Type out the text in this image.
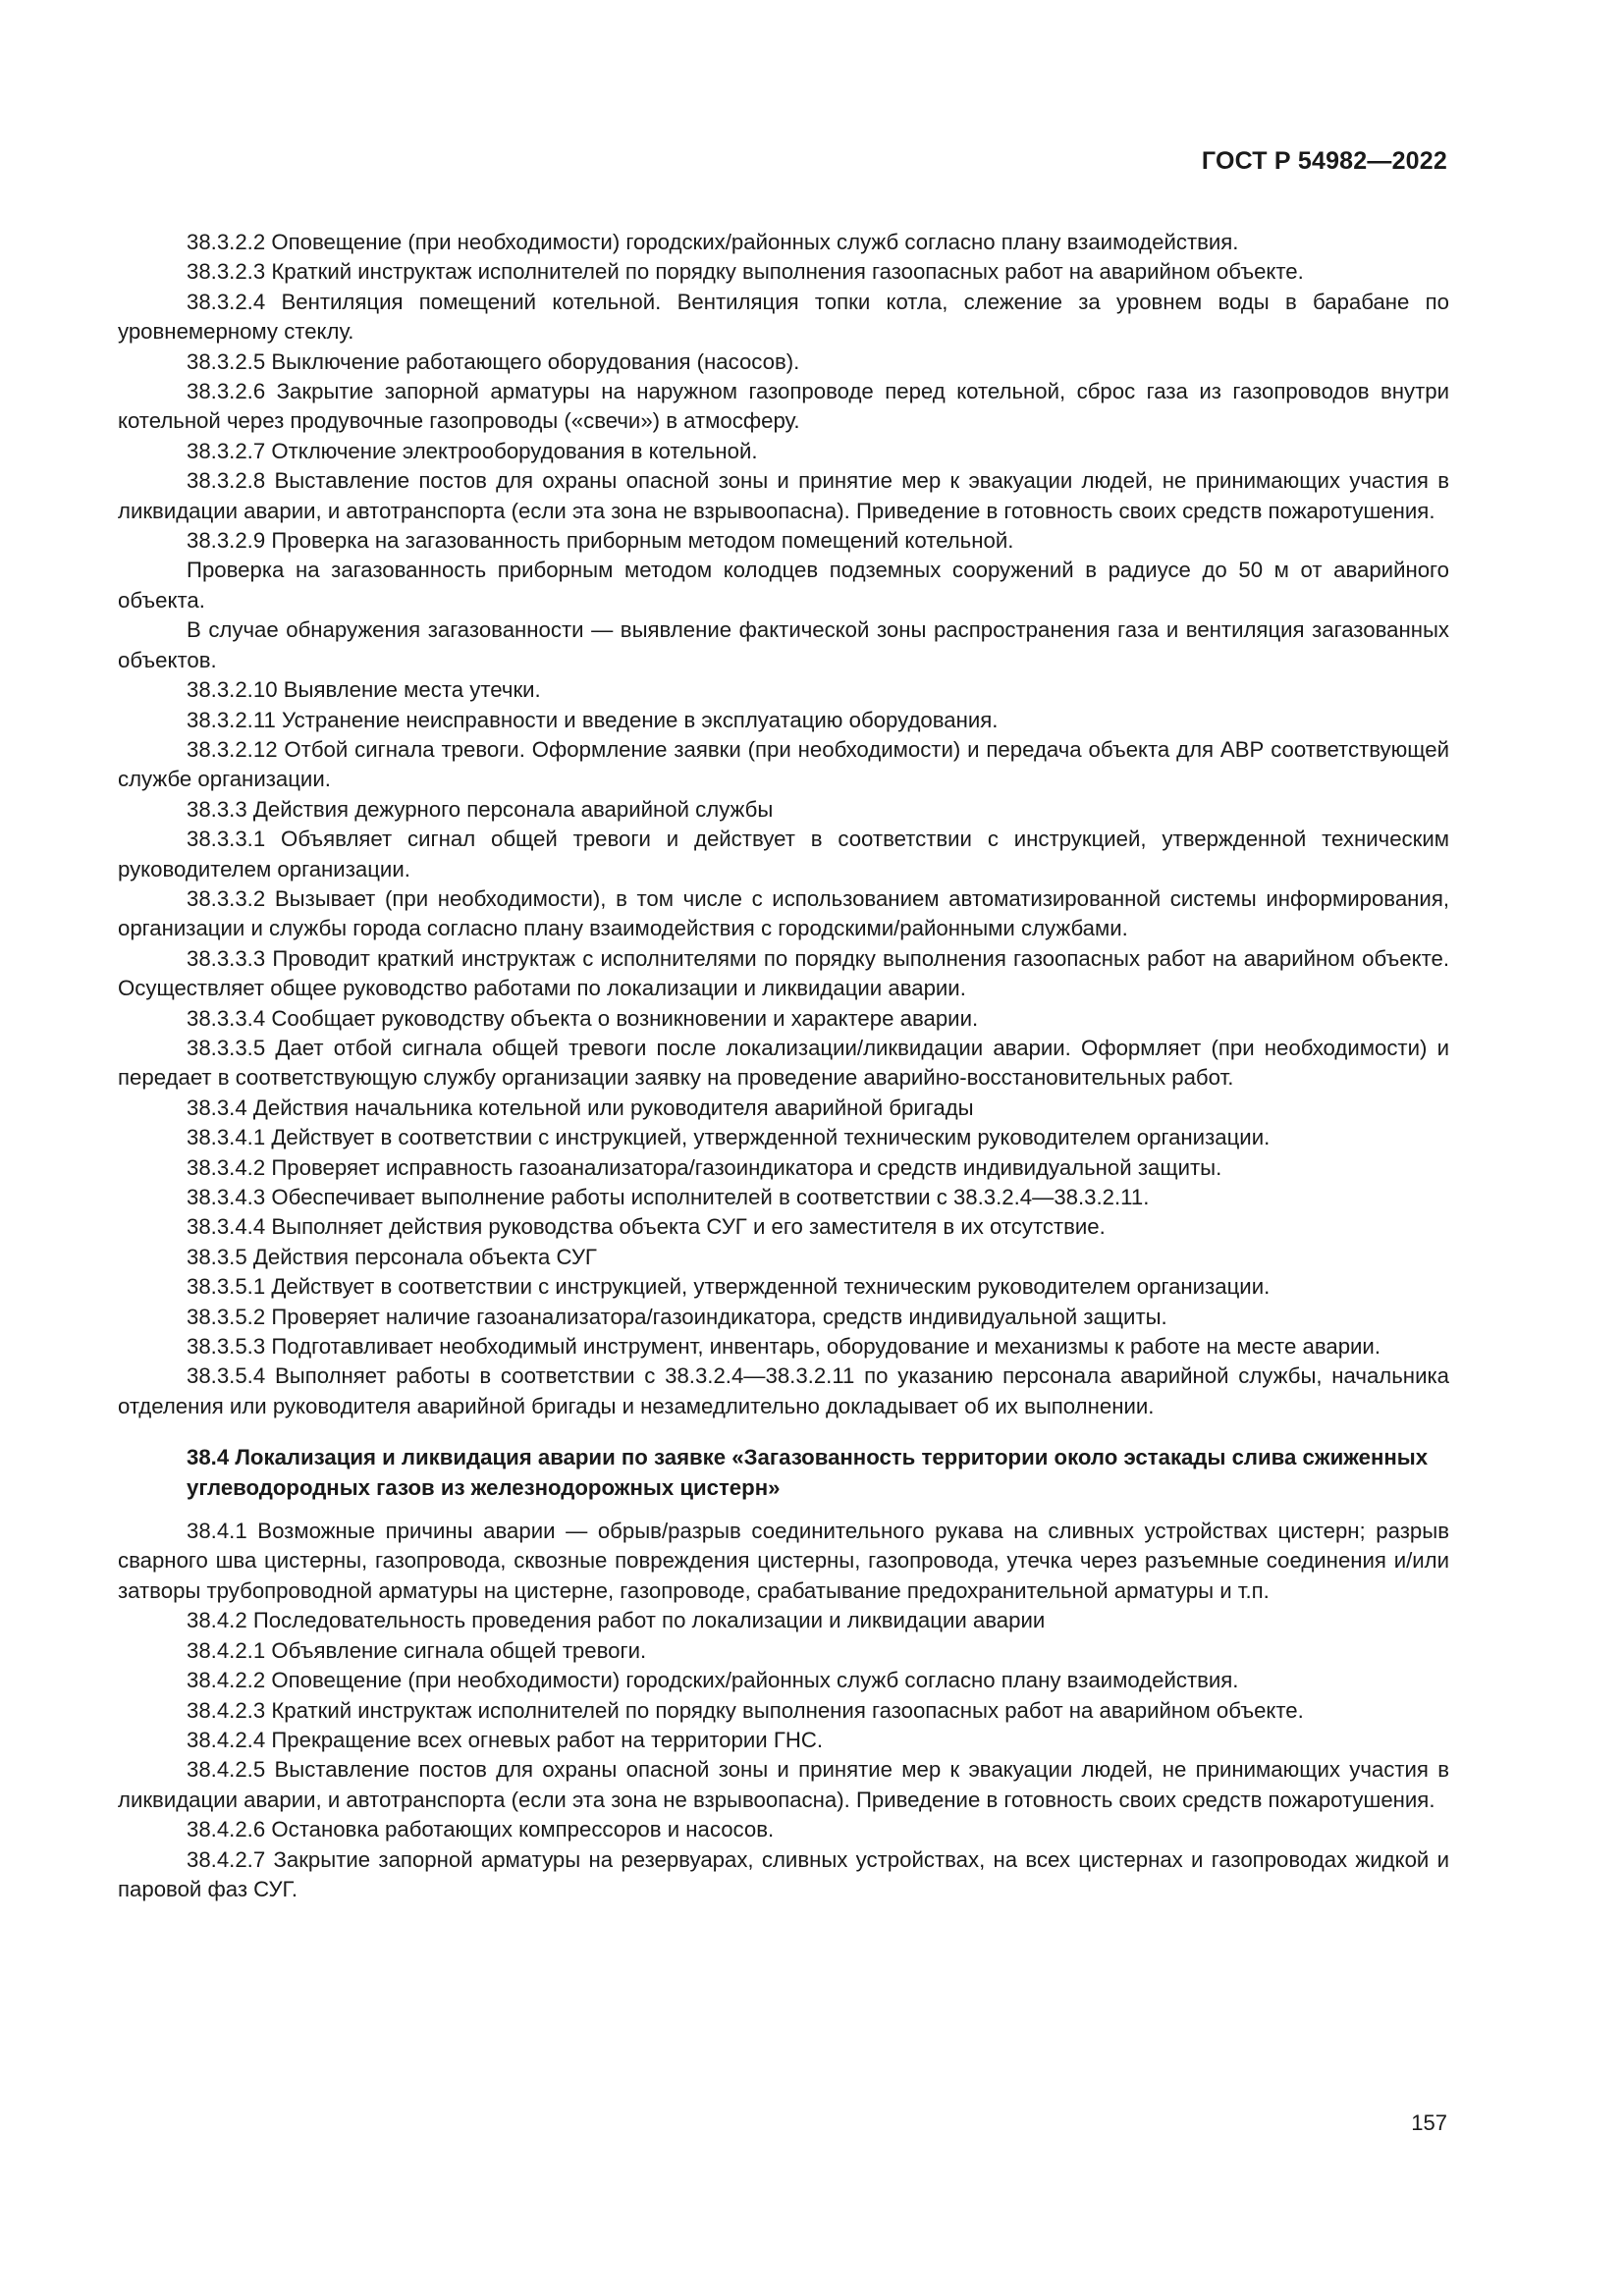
ГОСТ Р 54982—2022

38.3.2.2 Оповещение (при необходимости) городских/районных служб согласно плану взаимодействия.

38.3.2.3 Краткий инструктаж исполнителей по порядку выполнения газоопасных работ на аварийном объекте.

38.3.2.4 Вентиляция помещений котельной. Вентиляция топки котла, слежение за уровнем воды в барабане по уровнемерному стеклу.

38.3.2.5 Выключение работающего оборудования (насосов).

38.3.2.6 Закрытие запорной арматуры на наружном газопроводе перед котельной, сброс газа из газопроводов внутри котельной через продувочные газопроводы («свечи») в атмосферу.

38.3.2.7 Отключение электрооборудования в котельной.

38.3.2.8 Выставление постов для охраны опасной зоны и принятие мер к эвакуации людей, не принимающих участия в ликвидации аварии, и автотранспорта (если эта зона не взрывоопасна). Приведение в готовность своих средств пожаротушения.

38.3.2.9 Проверка на загазованность приборным методом помещений котельной.

Проверка на загазованность приборным методом колодцев подземных сооружений в радиусе до 50 м от аварийного объекта.

В случае обнаружения загазованности — выявление фактической зоны распространения газа и вентиляция загазованных объектов.

38.3.2.10 Выявление места утечки.

38.3.2.11 Устранение неисправности и введение в эксплуатацию оборудования.

38.3.2.12 Отбой сигнала тревоги. Оформление заявки (при необходимости) и передача объекта для АВР соответствующей службе организации.

38.3.3 Действия дежурного персонала аварийной службы

38.3.3.1 Объявляет сигнал общей тревоги и действует в соответствии с инструкцией, утвержденной техническим руководителем организации.

38.3.3.2 Вызывает (при необходимости), в том числе с использованием автоматизированной системы информирования, организации и службы города согласно плану взаимодействия с городскими/районными службами.

38.3.3.3 Проводит краткий инструктаж с исполнителями по порядку выполнения газоопасных работ на аварийном объекте. Осуществляет общее руководство работами по локализации и ликвидации аварии.

38.3.3.4 Сообщает руководству объекта о возникновении и характере аварии.

38.3.3.5 Дает отбой сигнала общей тревоги после локализации/ликвидации аварии. Оформляет (при необходимости) и передает в соответствующую службу организации заявку на проведение аварийно-восстановительных работ.

38.3.4 Действия начальника котельной или руководителя аварийной бригады

38.3.4.1 Действует в соответствии с инструкцией, утвержденной техническим руководителем организации.

38.3.4.2 Проверяет исправность газоанализатора/газоиндикатора и средств индивидуальной защиты.

38.3.4.3 Обеспечивает выполнение работы исполнителей в соответствии с 38.3.2.4—38.3.2.11.

38.3.4.4 Выполняет действия руководства объекта СУГ и его заместителя в их отсутствие.

38.3.5 Действия персонала объекта СУГ

38.3.5.1 Действует в соответствии с инструкцией, утвержденной техническим руководителем организации.

38.3.5.2 Проверяет наличие газоанализатора/газоиндикатора, средств индивидуальной защиты.

38.3.5.3 Подготавливает необходимый инструмент, инвентарь, оборудование и механизмы к работе на месте аварии.

38.3.5.4 Выполняет работы в соответствии с 38.3.2.4—38.3.2.11 по указанию персонала аварийной службы, начальника отделения или руководителя аварийной бригады и незамедлительно докладывает об их выполнении.

38.4 Локализация и ликвидация аварии по заявке «Загазованность территории около эстакады слива сжиженных углеводородных газов из железнодорожных цистерн»

38.4.1 Возможные причины аварии — обрыв/разрыв соединительного рукава на сливных устройствах цистерн; разрыв сварного шва цистерны, газопровода, сквозные повреждения цистерны, газопровода, утечка через разъемные соединения и/или затворы трубопроводной арматуры на цистерне, газопроводе, срабатывание предохранительной арматуры и т.п.

38.4.2 Последовательность проведения работ по локализации и ликвидации аварии

38.4.2.1 Объявление сигнала общей тревоги.

38.4.2.2 Оповещение (при необходимости) городских/районных служб согласно плану взаимодействия.

38.4.2.3 Краткий инструктаж исполнителей по порядку выполнения газоопасных работ на аварийном объекте.

38.4.2.4 Прекращение всех огневых работ на территории ГНС.

38.4.2.5 Выставление постов для охраны опасной зоны и принятие мер к эвакуации людей, не принимающих участия в ликвидации аварии, и автотранспорта (если эта зона не взрывоопасна). Приведение в готовность своих средств пожаротушения.

38.4.2.6 Остановка работающих компрессоров и насосов.

38.4.2.7 Закрытие запорной арматуры на резервуарах, сливных устройствах, на всех цистернах и газопроводах жидкой и паровой фаз СУГ.

157
